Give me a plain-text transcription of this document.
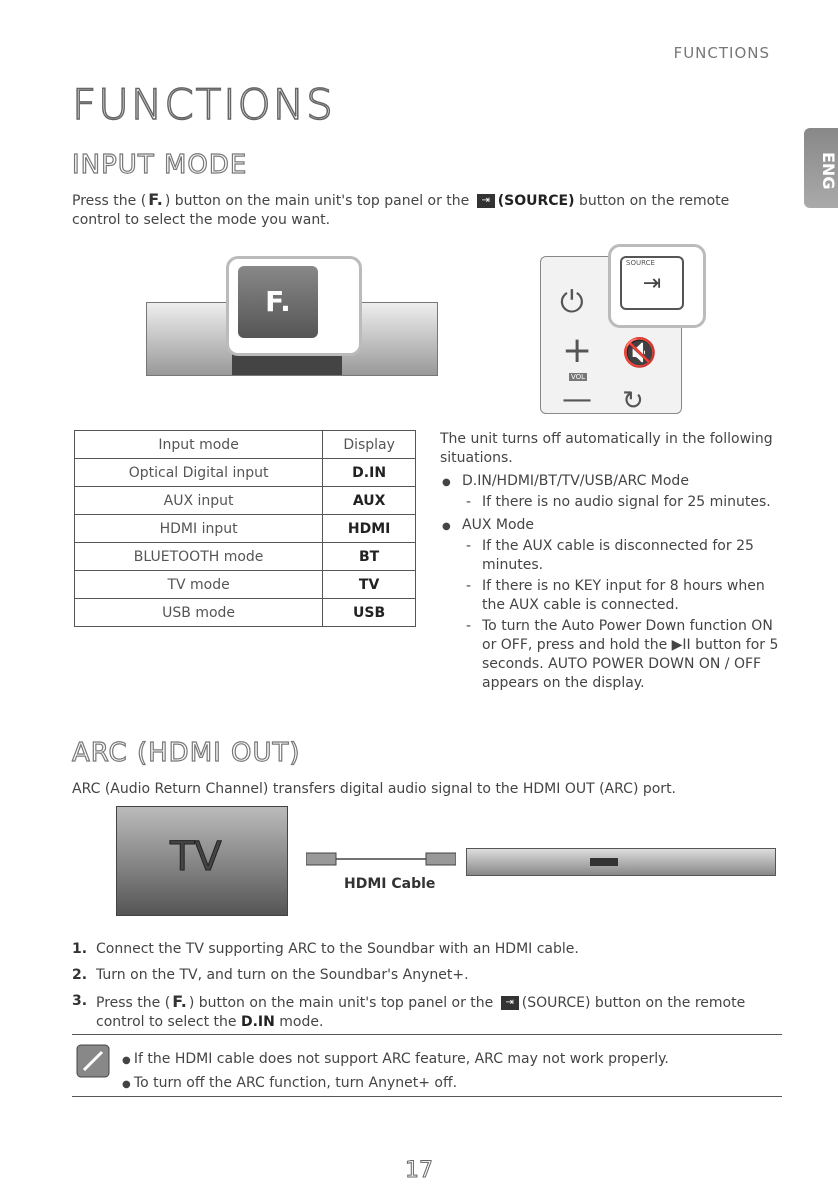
FUNCTIONS
FUNCTIONS
ENG
INPUT MODE
Press the ( F. ) button on the main unit's top panel or the ⇥ (SOURCE) button on the remote control to select the mode you want.
F.	⏻
+
—
🔇
↻
⇥
SOURCE
VOL
Input mode	Display
Optical Digital input	D.IN
AUX input	AUX
HDMI input	HDMI
BLUETOOTH mode	BT
TV mode	TV
USB mode	USB
The unit turns off automatically in the following situations.
● D.IN/HDMI/BT/TV/USB/ARC Mode
- If there is no audio signal for 25 minutes.
● AUX Mode
- If the AUX cable is disconnected for 25 minutes.
- If there is no KEY input for 8 hours when the AUX cable is connected.
- To turn the Auto Power Down function ON or OFF, press and hold the ▶II button for 5 seconds. AUTO POWER DOWN ON / OFF appears on the display.
ARC (HDMI OUT)
ARC (Audio Return Channel) transfers digital audio signal to the HDMI OUT (ARC) port.
TV
HDMI Cable
1. Connect the TV supporting ARC to the Soundbar with an HDMI cable.
2. Turn on the TV, and turn on the Soundbar's Anynet+.
3. Press the ( F. ) button on the main unit's top panel or the ⇥ (SOURCE) button on the remote control to select the D.IN mode.
● If the HDMI cable does not support ARC feature, ARC may not work properly.
● To turn off the ARC function, turn Anynet+ off.
17
